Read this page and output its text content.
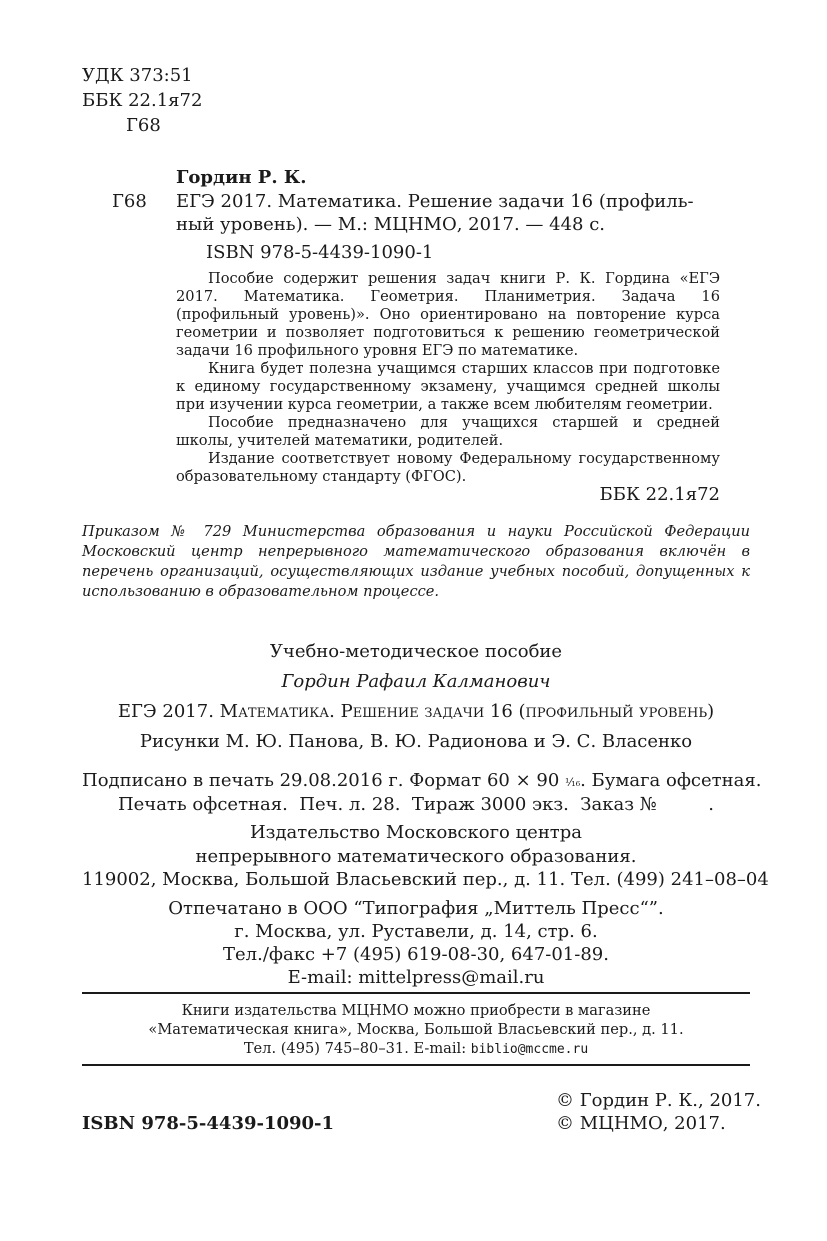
УДК 373:51
ББК 22.1я72
Г68
Гордин Р. К.
Г68 ЕГЭ 2017. Математика. Решение задачи 16 (профиль-
ный уровень). — М.: МЦНМО, 2017. — 448 с.
ISBN 978-5-4439-1090-1

Пособие содержит решения задач книги Р. К. Гордина «ЕГЭ 2017. Математика. Геометрия. Планиметрия. Задача 16 (профильный уровень)». Оно ориентировано на повторение курса геометрии и позволяет подготовиться к решению геометрической задачи 16 профильного уровня ЕГЭ по математике.

Книга будет полезна учащимся старших классов при подготовке к единому государственному экзамену, учащимся средней школы при изучении курса геометрии, а также всем любителям геометрии.

Пособие предназначено для учащихся старшей и средней школы, учителей математики, родителей.

Издание соответствует новому Федеральному государственному образовательному стандарту (ФГОС).

ББК 22.1я72
Приказом № 729 Министерства образования и науки Российской Федерации Московский центр непрерывного математического образования включён в перечень организаций, осуществляющих издание учебных пособий, допущенных к использованию в образовательном процессе.
Учебно-методическое пособие
Гордин Рафаил Калманович
ЕГЭ 2017. Математика. Решение задачи 16 (профильный уровень)
Рисунки М. Ю. Панова, В. Ю. Радионова и Э. С. Власенко
Подписано в печать 29.08.2016 г. Формат 60 × 90 ¹⁄₁₆. Бумага офсетная.
Печать офсетная.  Печ. л. 28.  Тираж 3000 экз.  Заказ №         .
Издательство Московского центра
непрерывного математического образования.
119002, Москва, Большой Власьевский пер., д. 11. Тел. (499) 241–08–04
Отпечатано в ООО “Типография „Миттель Пресс“”.
г. Москва, ул. Руставели, д. 14, стр. 6.
Тел./факс +7 (495) 619-08-30, 647-01-89.
E-mail: mittelpress@mail.ru
Книги издательства МЦНМО можно приобрести в магазине
«Математическая книга», Москва, Большой Власьевский пер., д. 11.
Тел. (495) 745–80–31. E-mail: biblio@mccme.ru
ISBN 978-5-4439-1090-1
© Гордин Р. К., 2017.
© МЦНМО, 2017.
